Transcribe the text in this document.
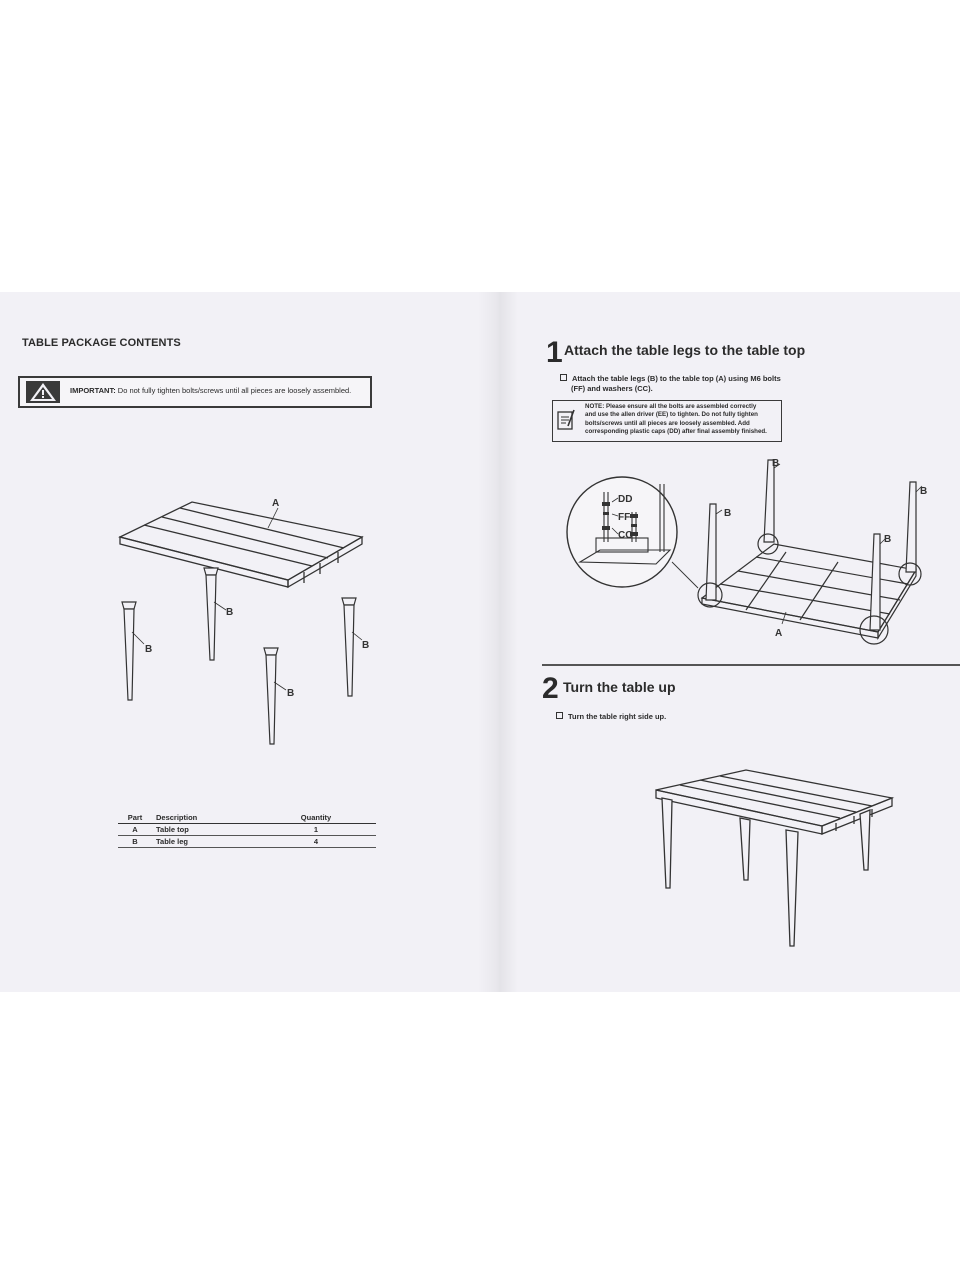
TABLE PACKAGE CONTENTS
IMPORTANT: Do not fully tighten bolts/screws until all pieces are loosely assembled.
A
B
B
B
B
Part	Description	Quantity
A	Table top	1
B	Table leg	4
1 Attach the table legs to the table top
Attach the table legs (B) to the table top (A) using M6 bolts
(FF) and washers (CC).
NOTE: Please ensure all the bolts are assembled correctly
and use the allen driver (EE) to tighten. Do not fully tighten
bolts/screws until all pieces are loosely assembled. Add
corresponding plastic caps (DD) after final assembly finished.
DD
FF
CC
B
B
B
B
A
2 Turn the table up
Turn the table right side up.
